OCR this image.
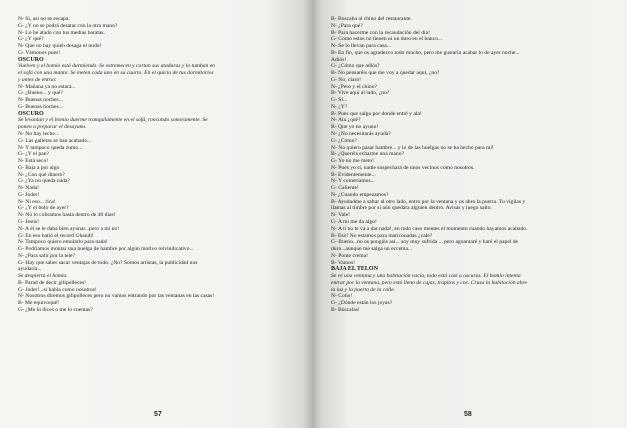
N- Si, asi no se escapa.
G- ¿Y no se podrá desatar con la otra mano?
N- Lo he atado con tus medias baratas.
G- ¿Y qué?
N- Que no hay quién desaga el nudo!
G- Vámonos pues!
OSCURO
Vuelven y el bomio está durmiendo. Se estremecen y cortan sus ataduras y lo tumban en
el sofá con una manta. Se meten cada uno en su cuarto. En el quicio de tus dormitorios
y antes de entrar.
N- Mañana ya no estará...
G- ¿Bueno... y qué?
N- Buenas noches...
G- Buenas noches...
OSCURO
Se levantan y el bomio duerme tranquilamente en el sofá, roncando sonoramente. Se
ponen a preparar el desayuno.
N- No hay leche...
G- Las galletas se han acabado...
N- Y tampoco queda zumo...
G- ¿Y el pan?
N- Está seco!
G- Baja a por algo
N- ¿Con qué dinero?
G- ¿Ya no queda nada?
N- Nada!
G- Joder!
N- Ni eso... rica!
G- ¿Y el bolo de ayer?
N- No lo cobramos hasta dentro de 40 días!
G- Jesús!
N- A él se le daba bien ayunar...pero a mí no!
G- En eso batió el record Ghandi!
N- Tampoco quiero emularlo para nada!
G- Podríamos montar una huelga de hambre por algún motivo reivindicativo...
N- ¿Para salir por la tele?
G- Hay que saber sacar ventajas de todo. ¿No? Somos artistas, la publicidad nos
ayudaría...
Se despierta el bomio.
B- Parad de decir gilipolleces!
G- Joder!...si habla como nosotros!
N- Nosotros diremos gilipolleces pero no vamos entrando por las ventanas en las casas!
B- Me equivoqué!
G- ¿Me lo dices o me lo cuentas?
57
B- Buscaba al chino del restaurante.
N- ¿Para qué?
B- Para hacerme con la recaudación del día!
G- Como estos no tienen ni un duro en el banco...
N- Se lo llevan para casa...
B- En fin, que os agradezco todo mucho, pero me gustaría acabar lo de ayer noche...
Adiós!
G- ¿Cómo que adiós?
B- No pensaréis que me voy a quedar aquí, ¿no?
G- No, claro!
N- ¿Pero y el chino?
B- Vive aquí al lado, ¿no?
G- Sí...
N- ¿Y?
B- Pues que salgo por donde entré y ala!
N- Ala ¿qué?
B- Que yo no ayuno!
N- ¿No necesitarás ayuda?
G- ¿Cómo?
N- No quiero pasar hambre... y lo de las huelgas no se ha hecho para mí!
B- ¿Queréis echarme una mano?
G- Yo no me meto!
N- Pues yo sí, nadie sospechará de unos vecinos como nosotros.
B- Evidentemente...
N- Y comeríamos...
G- Caliente!
N- ¿Cuando empezamos?
B- Ayudadme a saltar al otro lado, entro por la ventana y os abro la puerta. Tu vigilas y
llamas al timbre por si aún quedara alguien dentro. Avisas y luego salto.
N- Vale!
G- A mí me da algo!
N- A ti no te va a dar nada!, en todo caso mentes el momento cuando hayamos acabado.
B- Eso! No estamos para mariconadas ¿vale?
G- Bueno...no os pongáis así... soy muy sufrida ... pero aguantaré y haré el papel de
duro...aunque me salga un eccema...
N- Ponte crema!
B- Vamos!
BAJA EL TELÓN
Se vé una ventana y una habitación vacía, todo está casi a oscuras. El bomio intenta
entrar por la ventana, pero está lleno de cajas, trapitos y coe. Cruza la habitación abre
la luz y la puerta de la calle.
N- Coño!
G- ¿Dónde están los joyas?
B- Búscalas!
58
